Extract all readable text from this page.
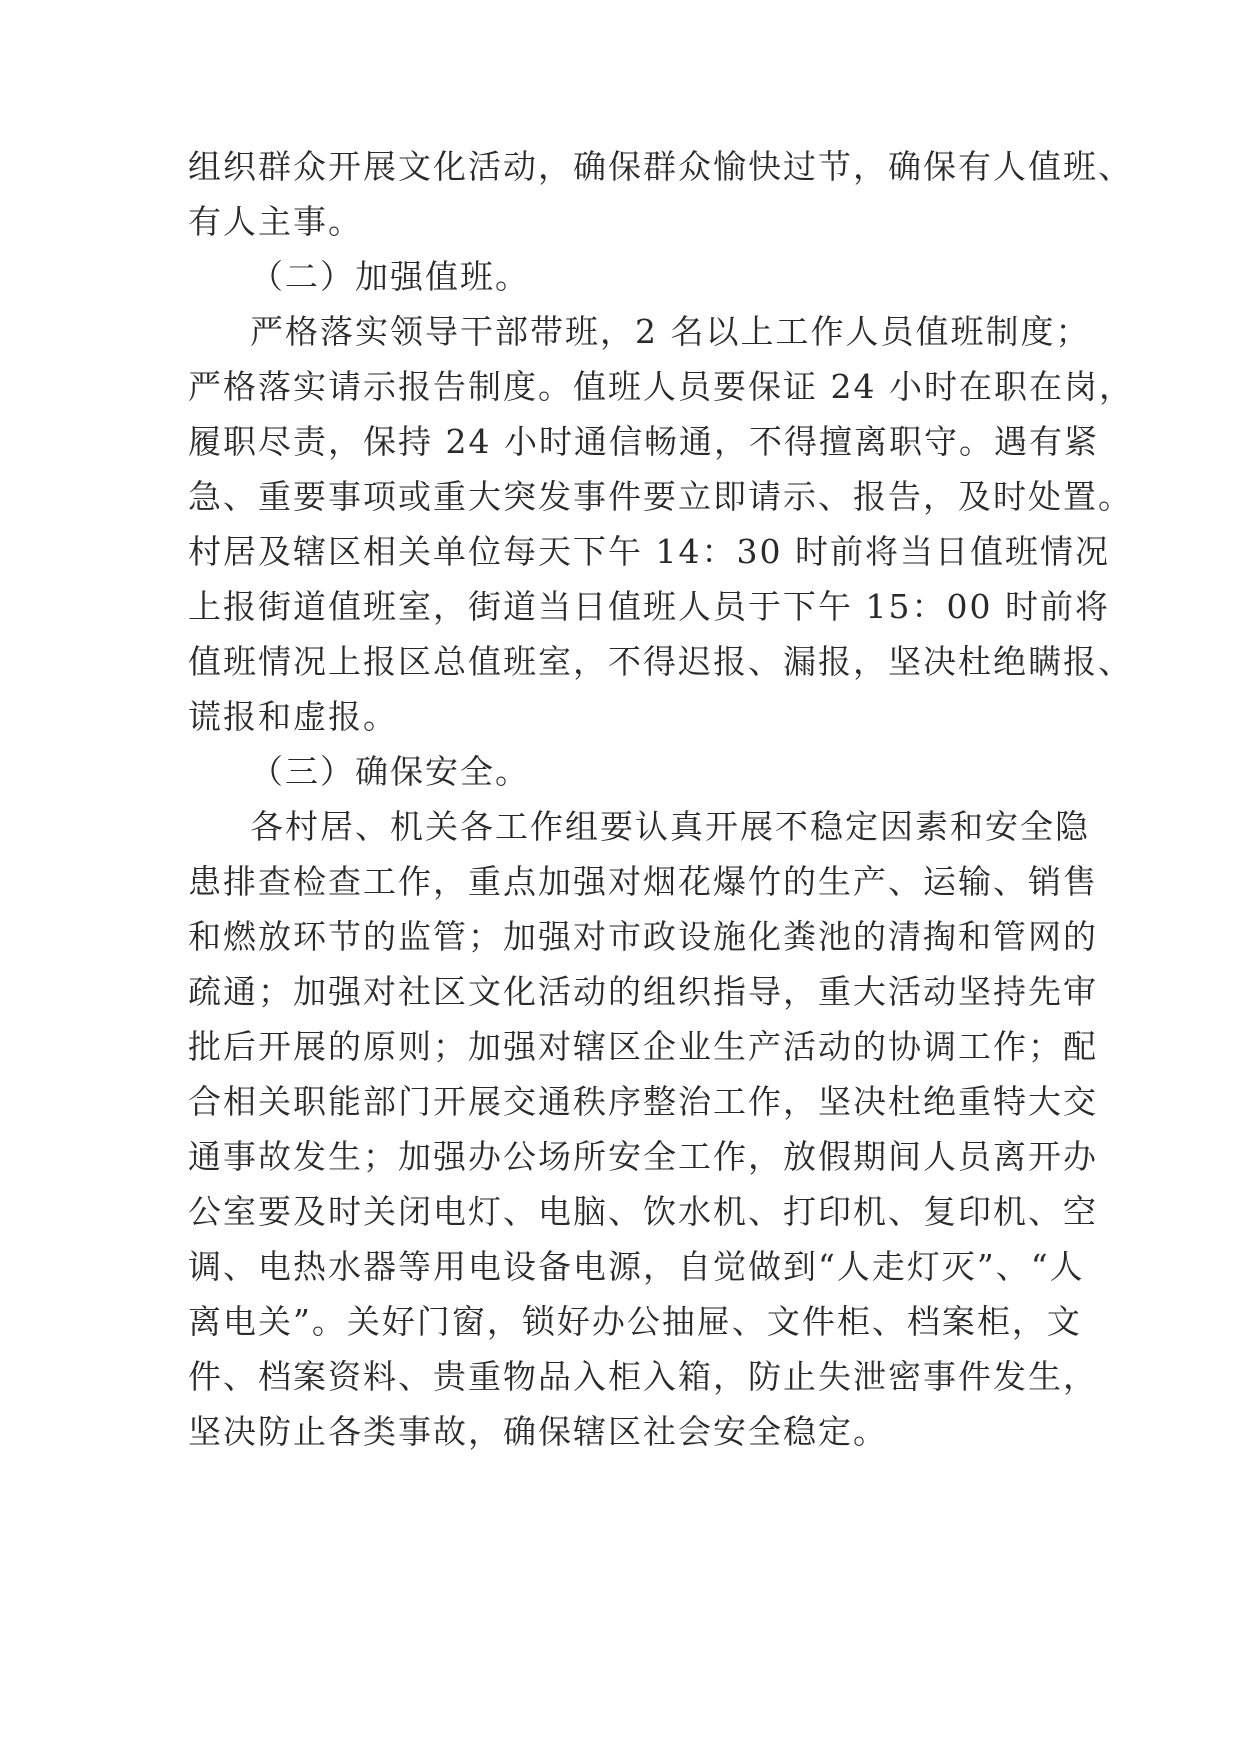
组织群众开展文化活动，确保群众愉快过节，确保有人值班、
有人主事。
（二）加强值班。
严格落实领导干部带班，2 名以上工作人员值班制度；
严格落实请示报告制度。值班人员要保证 24 小时在职在岗，
履职尽责，保持 24 小时通信畅通，不得擅离职守。遇有紧
急、重要事项或重大突发事件要立即请示、报告，及时处置。
村居及辖区相关单位每天下午 14：30 时前将当日值班情况
上报街道值班室，街道当日值班人员于下午 15：00 时前将
值班情况上报区总值班室，不得迟报、漏报，坚决杜绝瞒报、
谎报和虚报。
（三）确保安全。
各村居、机关各工作组要认真开展不稳定因素和安全隐
患排查检查工作，重点加强对烟花爆竹的生产、运输、销售
和燃放环节的监管；加强对市政设施化粪池的清掏和管网的
疏通；加强对社区文化活动的组织指导，重大活动坚持先审
批后开展的原则；加强对辖区企业生产活动的协调工作；配
合相关职能部门开展交通秩序整治工作，坚决杜绝重特大交
通事故发生；加强办公场所安全工作，放假期间人员离开办
公室要及时关闭电灯、电脑、饮水机、打印机、复印机、空
调、电热水器等用电设备电源，自觉做到“人走灯灭”、“人
离电关”。关好门窗，锁好办公抽屉、文件柜、档案柜，文
件、档案资料、贵重物品入柜入箱，防止失泄密事件发生，
坚决防止各类事故，确保辖区社会安全稳定。
